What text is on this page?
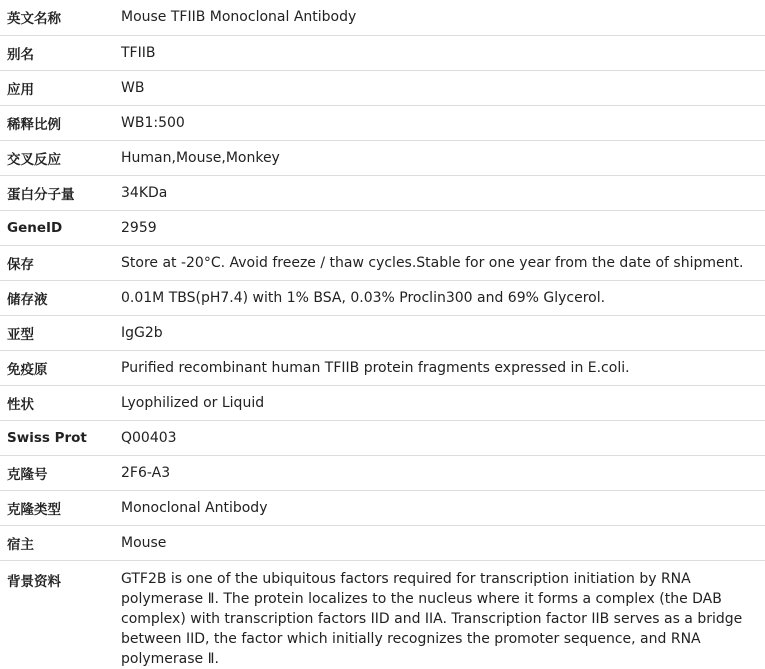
英文名称	Mouse TFIIB Monoclonal Antibody
别名	TFIIB
应用	WB
稀释比例	WB1:500
交叉反应	Human,Mouse,Monkey
蛋白分子量	34KDa
GeneID	2959
保存	Store at -20°C. Avoid freeze / thaw cycles.Stable for one year from the date of shipment.
储存液	0.01M TBS(pH7.4) with 1% BSA, 0.03% Proclin300 and 69% Glycerol.
亚型	IgG2b
免疫原	Purified recombinant human TFIIB protein fragments expressed in E.coli.
性状	Lyophilized or Liquid
Swiss Prot	Q00403
克隆号	2F6-A3
克隆类型	Monoclonal Antibody
宿主	Mouse
背景资料	GTF2B is one of the ubiquitous factors required for transcription initiation by RNA polymerase Ⅱ. The protein localizes to the nucleus where it forms a complex (the DAB complex) with transcription factors IID and IIA. Transcription factor IIB serves as a bridge between IID, the factor which initially recognizes the promoter sequence, and RNA polymerase Ⅱ.
